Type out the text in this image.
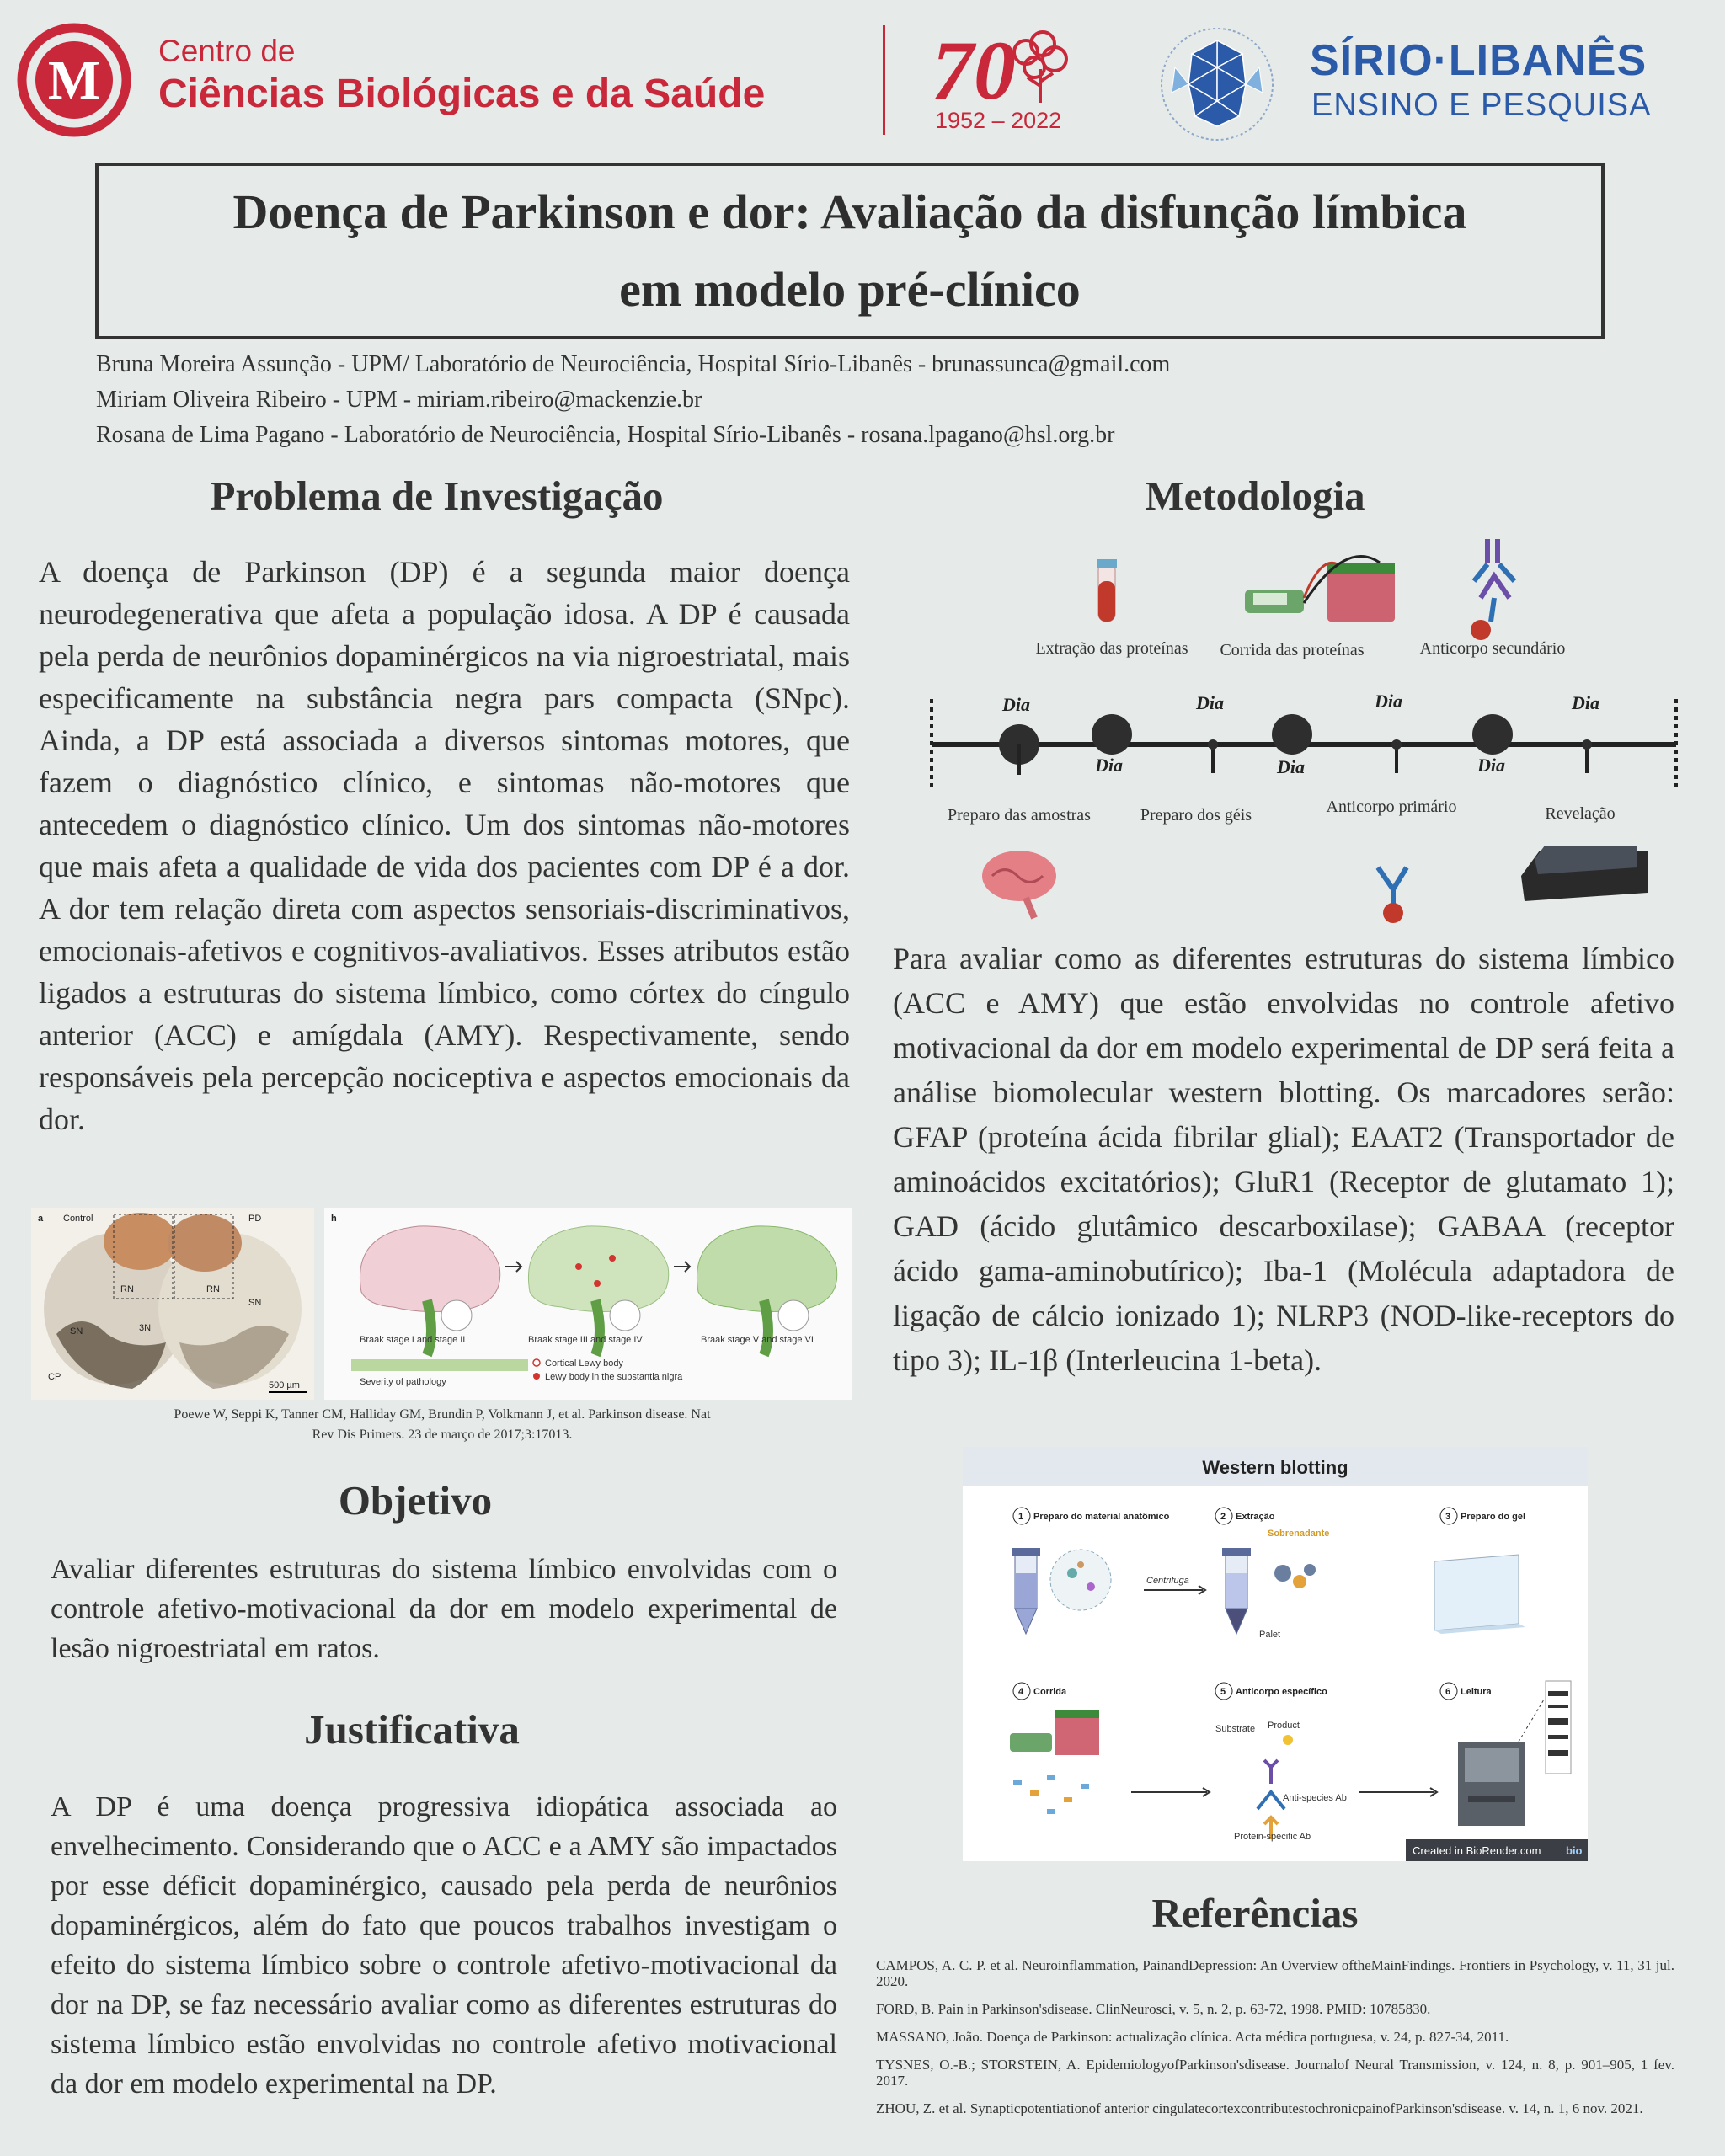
M Centro de
Ciências Biológicas e da Saúde 70
1952 – 2022
SÍRIO·LIBANÊS
ENSINO E PESQUISA
Doença de Parkinson e dor: Avaliação da disfunção límbica
em modelo pré-clínico
Bruna Moreira Assunção - UPM/ Laboratório de Neurociência, Hospital Sírio-Libanês - brunassunca@gmail.com
Miriam Oliveira Ribeiro - UPM - miriam.ribeiro@mackenzie.br
Rosana de Lima Pagano - Laboratório de Neurociência, Hospital Sírio-Libanês - rosana.lpagano@hsl.org.br
Problema de Investigação
A doença de Parkinson (DP) é a segunda maior doença neurodegenerativa que afeta a população idosa. A DP é causada pela perda de neurônios dopaminérgicos na via nigroestriatal, mais especificamente na substância negra pars compacta (SNpc). Ainda, a DP está associada a diversos sintomas motores, que fazem o diagnóstico clínico, e sintomas não-motores que antecedem o diagnóstico clínico. Um dos sintomas não-motores que mais afeta a qualidade de vida dos pacientes com DP é a dor. A dor tem relação direta com aspectos sensoriais-discriminativos, emocionais-afetivos e cognitivos-avaliativos. Esses atributos estão ligados a estruturas do sistema límbico, como córtex do cíngulo anterior (ACC) e amígdala (AMY). Respectivamente, sendo responsáveis pela percepção nociceptiva e aspectos emocionais da dor.
a Control	PD
RN	RN
SN
SN
3N
CP
500 µm
h
Braak stage I and stage II	Braak stage III and stage IV	Braak stage V and stage VI
Severity of pathology
Cortical Lewy body
Lewy body in the substantia nigra
Poewe W, Seppi K, Tanner CM, Halliday GM, Brundin P, Volkmann J, et al. Parkinson disease. Nat
Rev Dis Primers. 23 de março de 2017;3:17013.
Objetivo
Avaliar diferentes estruturas do sistema límbico envolvidas com o controle afetivo-motivacional da dor em modelo experimental de lesão nigroestriatal em ratos.
Justificativa
A DP é uma doença progressiva idiopática associada ao envelhecimento. Considerando que o ACC e a AMY são impactados por esse déficit dopaminérgico, causado pela perda de neurônios dopaminérgicos, além do fato que poucos trabalhos investigam o efeito do sistema límbico sobre o controle afetivo-motivacional da dor na DP, se faz necessário avaliar como as diferentes estruturas do sistema límbico estão envolvidas no controle afetivo motivacional da dor em modelo experimental na DP.
Metodologia
Dia
Dia
Dia
Dia
Dia
Dia
Dia
Extração das proteínas Corrida das proteínas	Anticorpo secundário
Preparo das amostras	Preparo dos géis	Anticorpo primário	Revelação
Para avaliar como as diferentes estruturas do sistema límbico (ACC e AMY) que estão envolvidas no controle afetivo motivacional da dor em modelo experimental de DP será feita a análise biomolecular western blotting. Os marcadores serão: GFAP (proteína ácida fibrilar glial); EAAT2 (Transportador de aminoácidos excitatórios); GluR1 (Receptor de glutamato 1); GAD (ácido glutâmico descarboxilase); GABAA (receptor ácido gama-aminobutírico); Iba-1 (Molécula adaptadora de ligação de cálcio ionizado 1); NLRP3 (NOD-like-receptors do tipo 3); IL-1β (Interleucina 1-beta).
Western blotting
1 Preparo do material anatômico	2 Extração	3 Preparo do gel
4 Corrida	5 Anticorpo específico	6 Leitura
Centrifuga
Sobrenadante
Palet
Substrate Product
Anti-species Ab
Protein-specific Ab
Created in BioRender.com bio
Referências

CAMPOS, A. C. P. et al. Neuroinflammation, PainandDepression: An Overview oftheMainFindings. Frontiers in Psychology, v. 11, 31 jul. 2020.

FORD, B. Pain in Parkinson'sdisease. ClinNeurosci, v. 5, n. 2, p. 63-72, 1998. PMID: 10785830.

MASSANO, João. Doença de Parkinson: actualização clínica. Acta médica portuguesa, v. 24, p. 827-34, 2011.

TYSNES, O.-B.; STORSTEIN, A. EpidemiologyofParkinson'sdisease. Journalof Neural Transmission, v. 124, n. 8, p. 901–905, 1 fev. 2017.

ZHOU, Z. et al. Synapticpotentiationof anterior cingulatecortexcontributestochronicpainofParkinson'sdisease. v. 14, n. 1, 6 nov. 2021.
